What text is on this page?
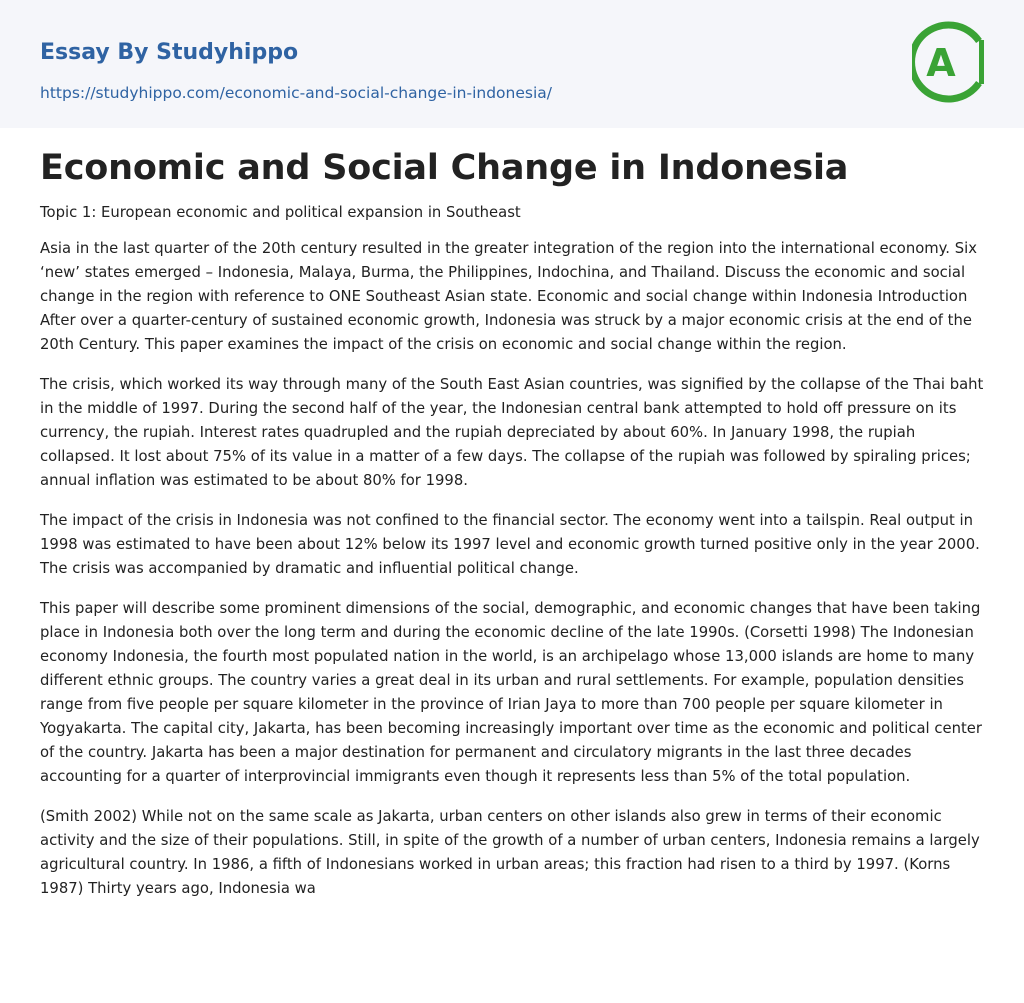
Essay By Studyhippo
https://studyhippo.com/economic-and-social-change-in-indonesia/
A
Economic and Social Change in Indonesia
Topic 1: European economic and political expansion in Southeast

Asia in the last quarter of the 20th century resulted in the greater integration of the region into the international economy. Six ‘new’ states emerged – Indonesia, Malaya, Burma, the Philippines, Indochina, and Thailand. Discuss the economic and social change in the region with reference to ONE Southeast Asian state. Economic and social change within Indonesia Introduction After over a quarter-century of sustained economic growth, Indonesia was struck by a major economic crisis at the end of the 20th Century. This paper examines the impact of the crisis on economic and social change within the region.

The crisis, which worked its way through many of the South East Asian countries, was signified by the collapse of the Thai baht in the middle of 1997. During the second half of the year, the Indonesian central bank attempted to hold off pressure on its currency, the rupiah. Interest rates quadrupled and the rupiah depreciated by about 60%. In January 1998, the rupiah collapsed. It lost about 75% of its value in a matter of a few days. The collapse of the rupiah was followed by spiraling prices; annual inflation was estimated to be about 80% for 1998.

The impact of the crisis in Indonesia was not confined to the financial sector. The economy went into a tailspin. Real output in 1998 was estimated to have been about 12% below its 1997 level and economic growth turned positive only in the year 2000. The crisis was accompanied by dramatic and influential political change.

This paper will describe some prominent dimensions of the social, demographic, and economic changes that have been taking place in Indonesia both over the long term and during the economic decline of the late 1990s. (Corsetti 1998) The Indonesian economy Indonesia, the fourth most populated nation in the world, is an archipelago whose 13,000 islands are home to many different ethnic groups. The country varies a great deal in its urban and rural settlements. For example, population densities range from five people per square kilometer in the province of Irian Jaya to more than 700 people per square kilometer in Yogyakarta. The capital city, Jakarta, has been becoming increasingly important over time as the economic and political center of the country. Jakarta has been a major destination for permanent and circulatory migrants in the last three decades accounting for a quarter of interprovincial immigrants even though it represents less than 5% of the total population.

(Smith 2002) While not on the same scale as Jakarta, urban centers on other islands also grew in terms of their economic activity and the size of their populations. Still, in spite of the growth of a number of urban centers, Indonesia remains a largely agricultural country. In 1986, a fifth of Indonesians worked in urban areas; this fraction had risen to a third by 1997. (Korns 1987) Thirty years ago, Indonesia wa
